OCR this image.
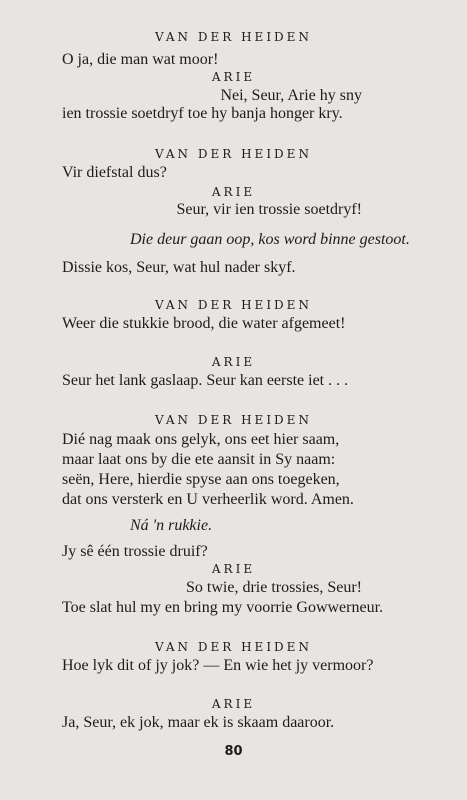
VAN DER HEIDEN
O ja, die man wat moor!
ARIE
Nei, Seur, Arie hy sny
ien trossie soetdryf toe hy banja honger kry.
VAN DER HEIDEN
Vir diefstal dus?
ARIE
Seur, vir ien trossie soetdryf!
Die deur gaan oop, kos word binne gestoot.
Dissie kos, Seur, wat hul nader skyf.
VAN DER HEIDEN
Weer die stukkie brood, die water afgemeet!
ARIE
Seur het lank gaslaap. Seur kan eerste iet . . .
VAN DER HEIDEN
Dié nag maak ons gelyk, ons eet hier saam,
maar laat ons by die ete aansit in Sy naam:
seën, Here, hierdie spyse aan ons toegeken,
dat ons versterk en U verheerlik word. Amen.
Ná 'n rukkie.
Jy sê één trossie druif?
ARIE
So twie, drie trossies, Seur!
Toe slat hul my en bring my voorrie Gowwerneur.
VAN DER HEIDEN
Hoe lyk dit of jy jok? — En wie het jy vermoor?
ARIE
Ja, Seur, ek jok, maar ek is skaam daaroor.
80
